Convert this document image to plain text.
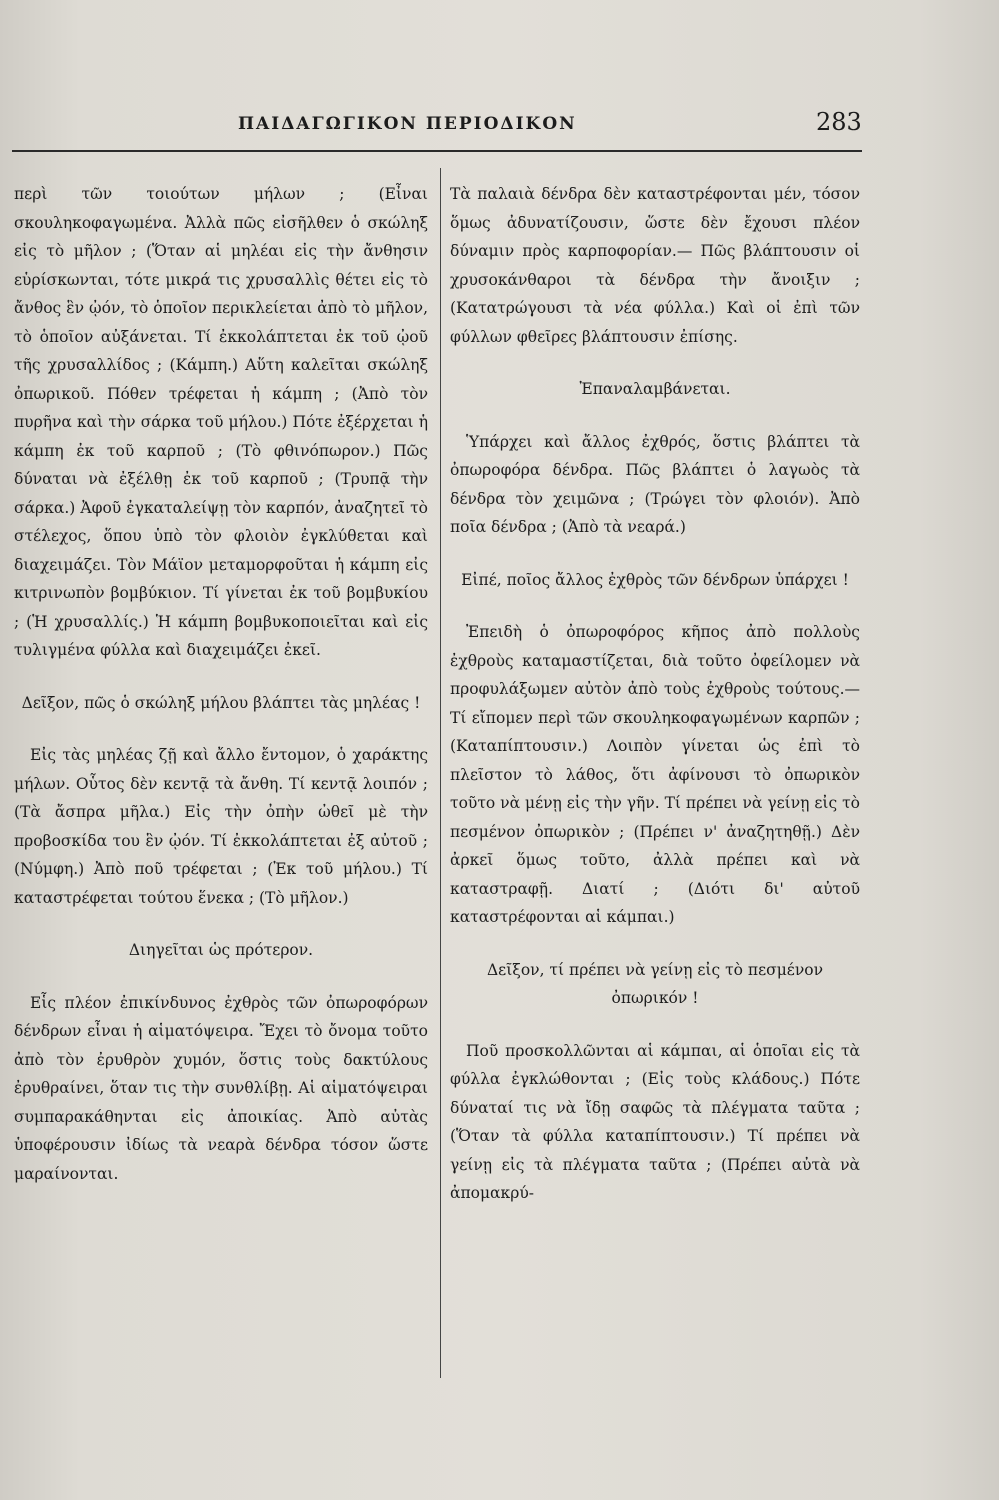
ΠΑΙΔΑΓΩΓΙΚΟΝ ΠΕΡΙΟΔΙΚΟΝ	283

περὶ τῶν τοιούτων μήλων ; (Εἶναι σκουληκοφαγωμένα. Ἀλλὰ πῶς εἰσῆλθεν ὁ σκώληξ εἰς τὸ μῆλον ; (Ὅταν αἱ μηλέαι εἰς τὴν ἄνθησιν εὑρίσκωνται, τότε μικρά τις χρυσαλλὶς θέτει εἰς τὸ ἄνθος ἓν ᾠόν, τὸ ὁποῖον περικλείεται ἀπὸ τὸ μῆλον, τὸ ὁποῖον αὐξάνεται. Τί ἐκκολάπτεται ἐκ τοῦ ᾠοῦ τῆς χρυσαλλίδος ; (Κάμπη.) Αὕτη καλεῖται σκώληξ ὀπωρικοῦ. Πόθεν τρέφεται ἡ κάμπη ; (Ἀπὸ τὸν πυρῆνα καὶ τὴν σάρκα τοῦ μήλου.) Πότε ἐξέρχεται ἡ κάμπη ἐκ τοῦ καρποῦ ; (Τὸ φθινόπωρον.) Πῶς δύναται νὰ ἐξέλθῃ ἐκ τοῦ καρποῦ ; (Τρυπᾷ τὴν σάρκα.) Ἀφοῦ ἐγκαταλείψῃ τὸν καρπόν, ἀναζητεῖ τὸ στέλεχος, ὅπου ὑπὸ τὸν φλοιὸν ἐγκλύθεται καὶ διαχειμάζει. Τὸν Μάϊον μεταμορφοῦται ἡ κάμπη εἰς κιτρινωπὸν βομβύκιον. Τί γίνεται ἐκ τοῦ βομβυκίου ; (Ἡ χρυσαλλίς.) Ἡ κάμπη βομβυκοποιεῖται καὶ εἰς τυλιγμένα φύλλα καὶ διαχειμάζει ἐκεῖ.

Δεῖξον, πῶς ὁ σκώληξ μήλου βλάπτει τὰς μηλέας !

Εἰς τὰς μηλέας ζῇ καὶ ἄλλο ἔντομον, ὁ χαράκτης μήλων. Οὗτος δὲν κεντᾷ τὰ ἄνθη. Τί κεντᾷ λοιπόν ; (Τὰ ἄσπρα μῆλα.) Εἰς τὴν ὀπὴν ὠθεῖ μὲ τὴν προβοσκίδα του ἓν ᾠόν. Τί ἐκκολάπτεται ἐξ αὐτοῦ ; (Νύμφη.) Ἀπὸ ποῦ τρέφεται ; (Ἐκ τοῦ μήλου.) Τί καταστρέφεται τούτου ἕνεκα ; (Τὸ μῆλον.)

Διηγεῖται ὡς πρότερον.

Εἷς πλέον ἐπικίνδυνος ἐχθρὸς τῶν ὀπωροφόρων δένδρων εἶναι ἡ αἱματόψειρα. Ἔχει τὸ ὄνομα τοῦτο ἀπὸ τὸν ἐρυθρὸν χυμόν, ὅστις τοὺς δακτύλους ἐρυθραίνει, ὅταν τις τὴν συνθλίβῃ. Αἱ αἱματόψειραι συμπαρακάθηνται εἰς ἀποικίας. Ἀπὸ αὐτὰς ὑποφέρουσιν ἰδίως τὰ νεαρὰ δένδρα τόσον ὥστε μαραίνονται.

Τὰ παλαιὰ δένδρα δὲν καταστρέφονται μέν, τόσον ὅμως ἀδυνατίζουσιν, ὥστε δὲν ἔχουσι πλέον δύναμιν πρὸς καρποφορίαν.— Πῶς βλάπτουσιν οἱ χρυσοκάνθαροι τὰ δένδρα τὴν ἄνοιξιν ; (Κατατρώγουσι τὰ νέα φύλλα.) Καὶ οἱ ἐπὶ τῶν φύλλων φθεῖρες βλάπτουσιν ἐπίσης.

Ἐπαναλαμβάνεται.

Ὑπάρχει καὶ ἄλλος ἐχθρός, ὅστις βλάπτει τὰ ὀπωροφόρα δένδρα. Πῶς βλάπτει ὁ λαγωὸς τὰ δένδρα τὸν χειμῶνα ; (Τρώγει τὸν φλοιόν). Ἀπὸ ποῖα δένδρα ; (Ἀπὸ τὰ νεαρά.)

Εἰπέ, ποῖος ἄλλος ἐχθρὸς τῶν δένδρων ὑπάρχει !

Ἐπειδὴ ὁ ὀπωροφόρος κῆπος ἀπὸ πολλοὺς ἐχθροὺς καταμαστίζεται, διὰ τοῦτο ὀφείλομεν νὰ προφυλάξωμεν αὐτὸν ἀπὸ τοὺς ἐχθροὺς τούτους.— Τί εἴπομεν περὶ τῶν σκουληκοφαγωμένων καρπῶν ; (Καταπίπτουσιν.) Λοιπὸν γίνεται ὡς ἐπὶ τὸ πλεῖστον τὸ λάθος, ὅτι ἀφίνουσι τὸ ὀπωρικὸν τοῦτο νὰ μένῃ εἰς τὴν γῆν. Τί πρέπει νὰ γείνῃ εἰς τὸ πεσμένον ὀπωρικὸν ; (Πρέπει ν' ἀναζητηθῇ.) Δὲν ἀρκεῖ ὅμως τοῦτο, ἀλλὰ πρέπει καὶ νὰ καταστραφῇ. Διατί ; (Διότι δι' αὐτοῦ καταστρέφονται αἱ κάμπαι.)

Δεῖξον, τί πρέπει νὰ γείνῃ εἰς τὸ πεσμένον ὀπωρικόν !

Ποῦ προσκολλῶνται αἱ κάμπαι, αἱ ὁποῖαι εἰς τὰ φύλλα ἐγκλώθονται ; (Εἰς τοὺς κλάδους.) Πότε δύναταί τις νὰ ἴδῃ σαφῶς τὰ πλέγματα ταῦτα ; (Ὅταν τὰ φύλλα καταπίπτουσιν.) Τί πρέπει νὰ γείνῃ εἰς τὰ πλέγματα ταῦτα ; (Πρέπει αὐτὰ νὰ ἀπομακρύ-
